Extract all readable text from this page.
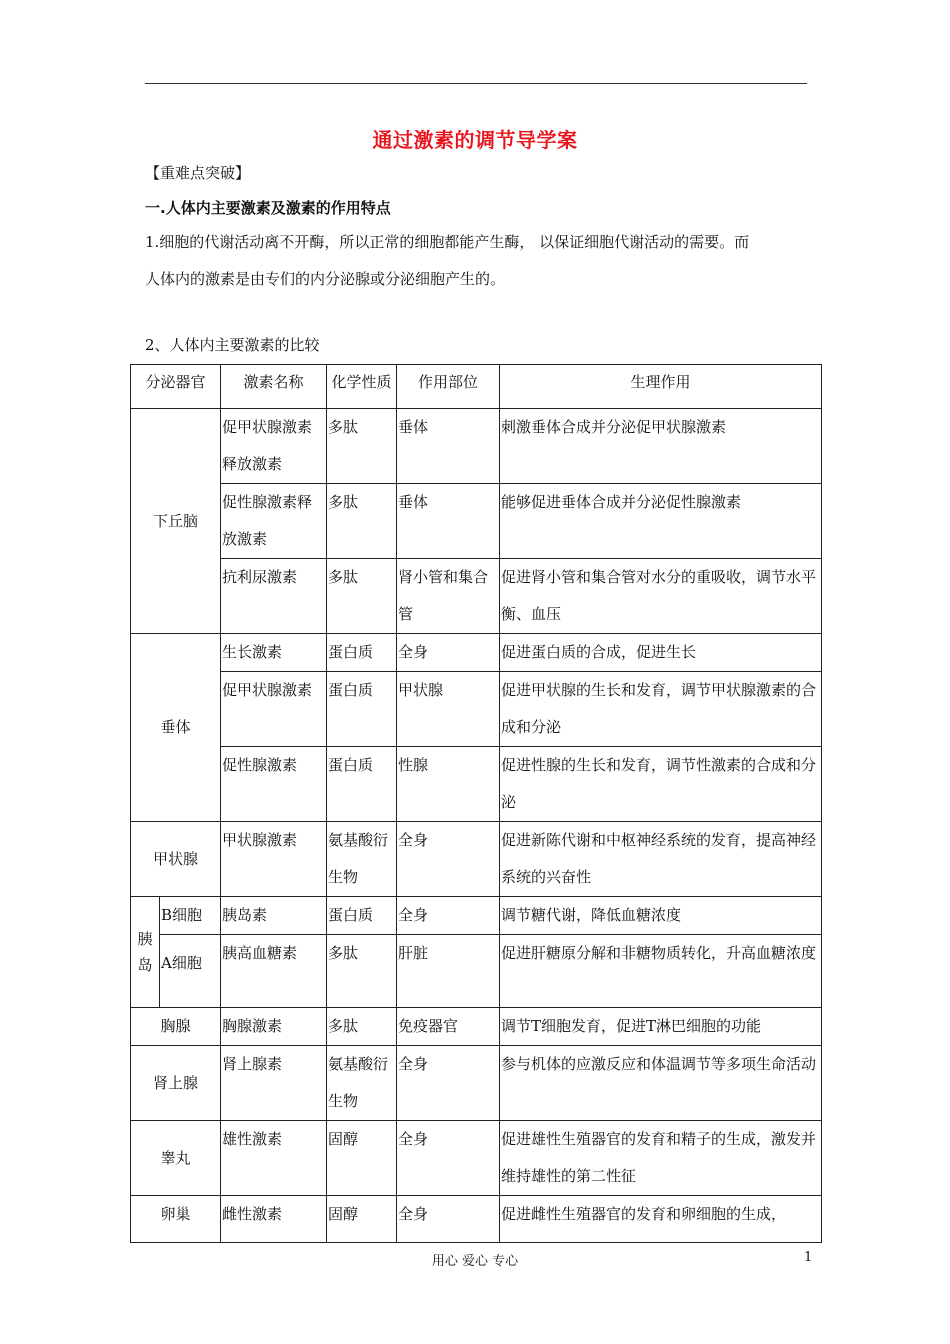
通过激素的调节导学案
【重难点突破】
一.人体内主要激素及激素的作用特点
1.细胞的代谢活动离不开酶，所以正常的细胞都能产生酶， 以保证细胞代谢活动的需要。而
人体内的激素是由专们的内分泌腺或分泌细胞产生的。
2、人体内主要激素的比较
分泌器官		激素名称	化学性质	作用部位	生理作用
下丘脑		促甲状腺激素释放激素	多肽	垂体	刺激垂体合成并分泌促甲状腺激素

		促性腺激素释放激素	多肽	垂体	能够促进垂体合成并分泌促性腺激素

		抗利尿激素	多肽	肾小管和集合管	促进肾小管和集合管对水分的重吸收，调节水平衡、血压

垂体		生长激素	蛋白质	全身	促进蛋白质的合成，促进生长

		促甲状腺激素	蛋白质	甲状腺	促进甲状腺的生长和发育，调节甲状腺激素的合成和分泌

		促性腺激素	蛋白质	性腺	促进性腺的生长和发育，调节性激素的合成和分泌

甲状腺		甲状腺激素	氨基酸衍生物	全身	促进新陈代谢和中枢神经系统的发育，提高神经系统的兴奋性

胰岛	B细胞	胰岛素	蛋白质	全身	调节糖代谢，降低血糖浓度

	A细胞	胰高血糖素	多肽	肝脏	促进肝糖原分解和非糖物质转化，升高血糖浓度

胸腺		胸腺激素	多肽	免疫器官	调节T细胞发育，促进T淋巴细胞的功能

肾上腺		肾上腺素	氨基酸衍生物	全身	参与机体的应激反应和体温调节等多项生命活动

睾丸		雄性激素	固醇	全身	促进雄性生殖器官的发育和精子的生成，激发并维持雄性的第二性征

卵巢		雌性激素	固醇	全身	促进雌性生殖器官的发育和卵细胞的生成，

用心 爱心 专心	1
